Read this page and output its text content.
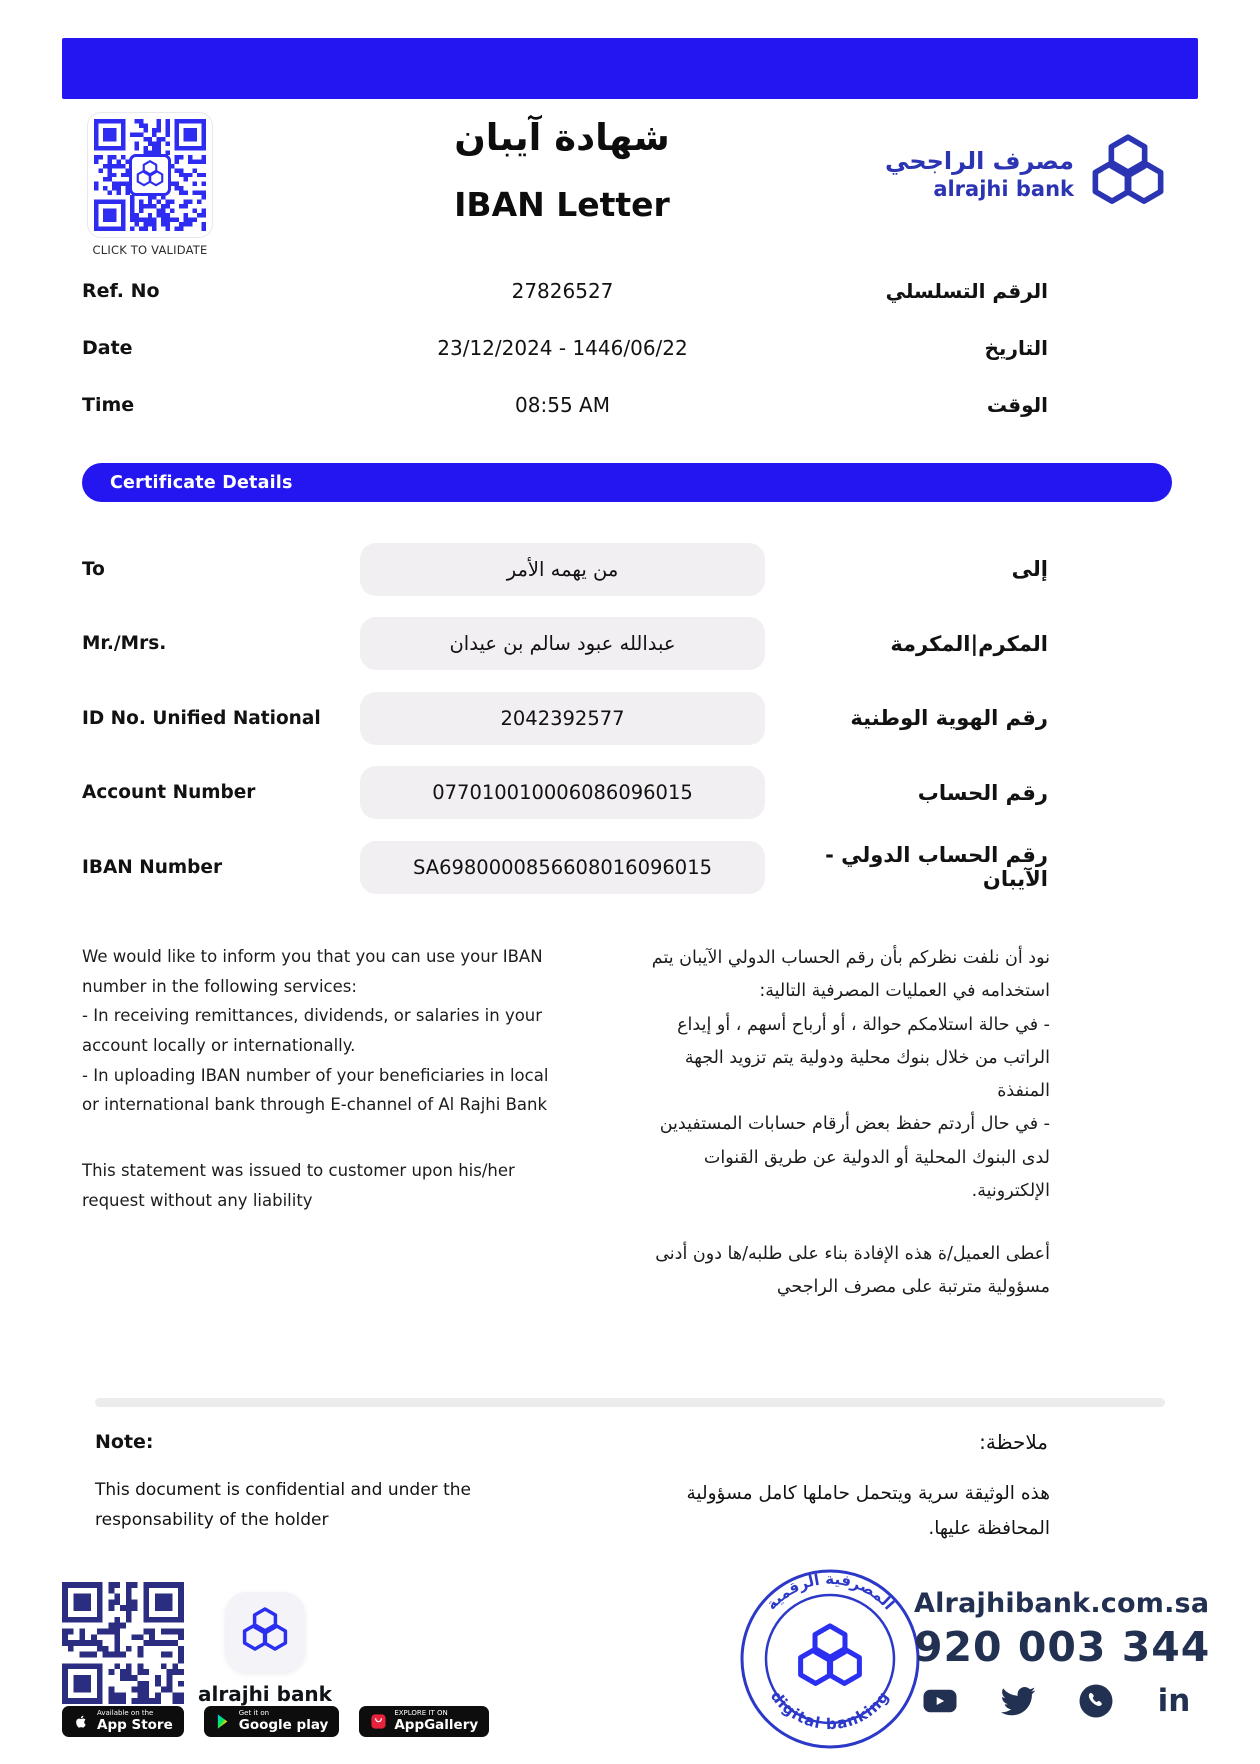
CLICK TO VALIDATE
شهادة آيبان
IBAN Letter
مصرف الراجحي
alrajhi bank
Ref. No	27826527	الرقم التسلسلي
Date	23/12/2024 - 1446/06/22	التاريخ
Time	08:55 AM	الوقت
Certificate Details
To	من يهمه الأمر	إلى
Mr./Mrs.	عبدالله عبود سالم بن عيدان	المكرم|المكرمة
ID No. Unified National	2042392577	رقم الهوية الوطنية
Account Number	077010010006086096015	رقم الحساب
IBAN Number	SA6980000856608016096015	رقم الحساب الدولي - الآيبان
We would like to inform you that you can use your IBAN number in the following services:
- In receiving remittances, dividends, or salaries in your account locally or internationally.
- In uploading IBAN number of your beneficiaries in local or international bank through E-channel of Al Rajhi Bank
This statement was issued to customer upon his/her request without any liability
نود أن نلفت نظركم بأن رقم الحساب الدولي الآيبان يتم استخدامه في العمليات المصرفية التالية:
- في حالة استلامكم حوالة ، أو أرباح أسهم ، أو إيداع الراتب من خلال بنوك محلية ودولية يتم تزويد الجهة المنفذة
- في حال أردتم حفظ بعض أرقام حسابات المستفيدين لدى البنوك المحلية أو الدولية عن طريق القنوات الإلكترونية.
أعطى العميل/ة هذه الإفادة بناء على طلبه/ها دون أدنى مسؤولية مترتبة على مصرف الراجحي
Note:	ملاحظة:
This document is confidential and under the responsability of the holder
هذه الوثيقة سرية ويتحمل حاملها كامل مسؤولية المحافظة عليها.
alrajhi bank
Available on the
App Store
Get it on
Google play
EXPLORE IT ON
AppGallery
المصرفية الرقمية
digital banking
Alrajhibank.com.sa
920 003 344
in
